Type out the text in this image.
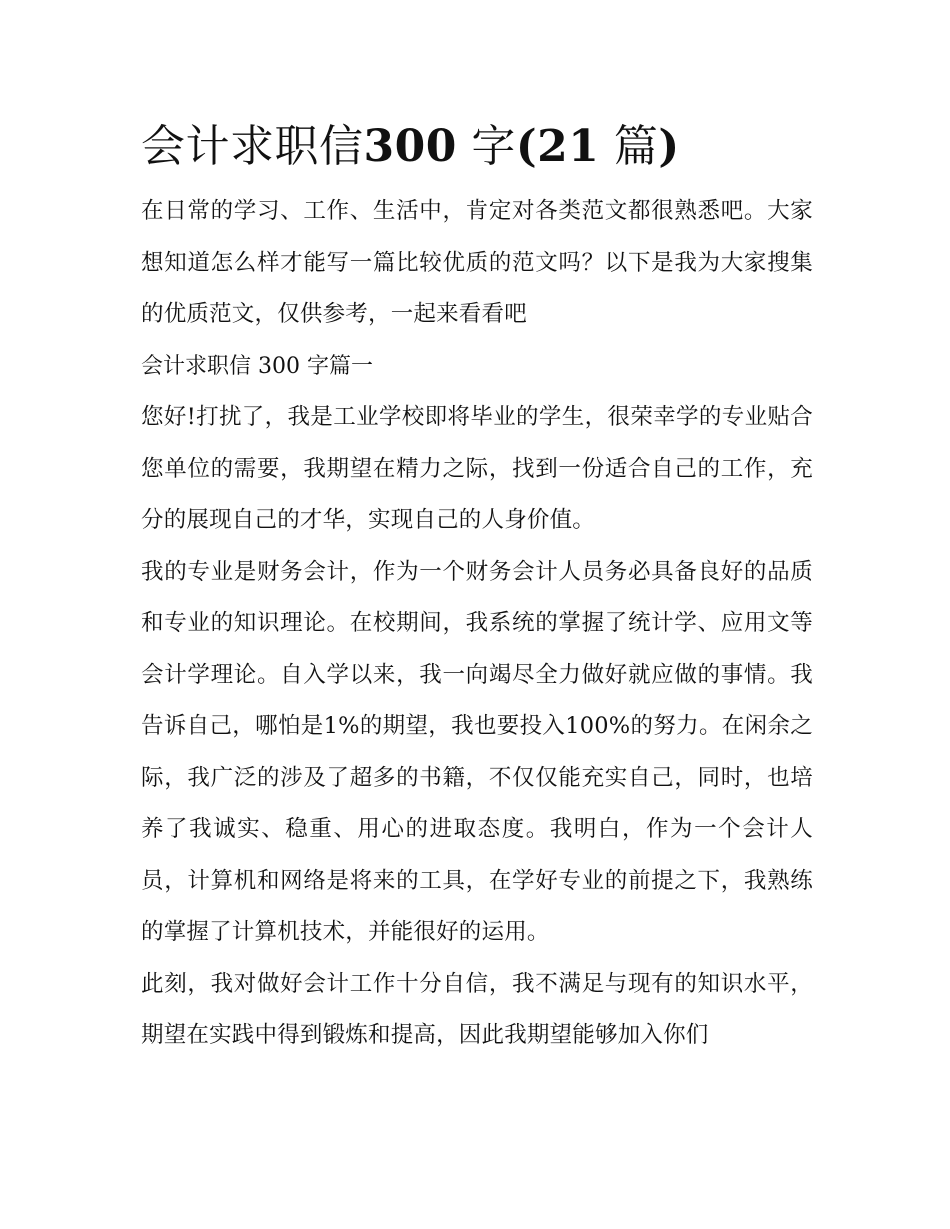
会计求职信300 字(21 篇)

在日常的学习、工作、生活中，肯定对各类范文都很熟悉吧。大家想知道怎么样才能写一篇比较优质的范文吗？以下是我为大家搜集的优质范文，仅供参考，一起来看看吧

会计求职信 300 字篇一

您好!打扰了，我是工业学校即将毕业的学生，很荣幸学的专业贴合您单位的需要，我期望在精力之际，找到一份适合自己的工作，充分的展现自己的才华，实现自己的人身价值。

我的专业是财务会计，作为一个财务会计人员务必具备良好的品质和专业的知识理论。在校期间，我系统的掌握了统计学、应用文等会计学理论。自入学以来，我一向竭尽全力做好就应做的事情。我告诉自己，哪怕是1%的期望，我也要投入100%的努力。在闲余之际，我广泛的涉及了超多的书籍，不仅仅能充实自己，同时，也培养了我诚实、稳重、用心的进取态度。我明白，作为一个会计人员，计算机和网络是将来的工具，在学好专业的前提之下，我熟练的掌握了计算机技术，并能很好的运用。

此刻，我对做好会计工作十分自信，我不满足与现有的知识水平，期望在实践中得到锻炼和提高，因此我期望能够加入你们
